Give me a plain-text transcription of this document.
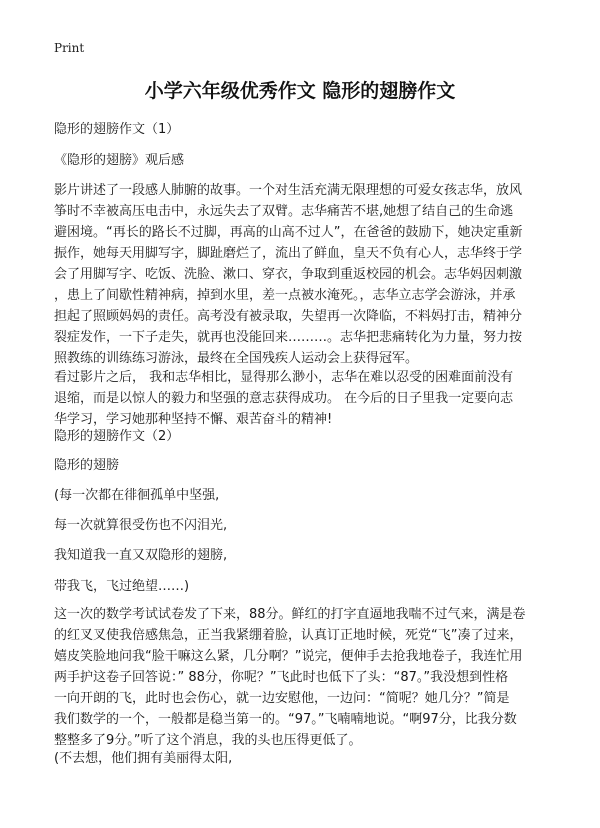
Print
小学六年级优秀作文 隐形的翅膀作文
隐形的翅膀作文（1）
《隐形的翅膀》观后感
影片讲述了一段感人肺腑的故事。一个对生活充满无限理想的可爱女孩志华，放风
筝时不幸被高压电击中，永远失去了双臂。志华痛苦不堪,她想了结自己的生命逃
避困境。“再长的路长不过脚，再高的山高不过人”，在爸爸的鼓励下，她决定重新
振作，她每天用脚写字，脚趾磨烂了，流出了鲜血，皇天不负有心人，志华终于学
会了用脚写字、吃饭、洗脸、漱口、穿衣，争取到重返校园的机会。志华妈因刺激
，患上了间歇性精神病，掉到水里，差一点被水淹死。，志华立志学会游泳，并承
担起了照顾妈妈的责任。高考没有被录取，失望再一次降临，不料妈打击，精神分
裂症发作，一下子走失，就再也没能回来………。志华把悲痛转化为力量，努力按
照教练的训练练习游泳，最终在全国残疾人运动会上获得冠军。
看过影片之后， 我和志华相比，显得那么渺小，志华在难以忍受的困难面前没有
退缩，而是以惊人的毅力和坚强的意志获得成功。 在今后的日子里我一定要向志
华学习，学习她那种坚持不懈、艰苦奋斗的精神!
隐形的翅膀作文（2）
隐形的翅膀
(每一次都在徘徊孤单中坚强,
每一次就算很受伤也不闪泪光,
我知道我一直又双隐形的翅膀,
带我飞，飞过绝望……)
这一次的数学考试试卷发了下来，88分。鲜红的打字直逼地我喘不过气来，满是卷
的红叉叉使我倍感焦急，正当我紧绷着脸，认真订正地时候，死党“飞”凑了过来，
嬉皮笑脸地问我“脸干嘛这么紧，几分啊？”说完，便伸手去抢我地卷子，我连忙用
两手护这卷子回答说：” 88分，你呢？”飞此时也低下了头：“87。”我没想到性格
一向开朗的飞，此时也会伤心，就一边安慰他，一边问：“简呢？她几分？”简是
我们数学的一个，一般都是稳当第一的。“97。”飞喃喃地说。“啊97分，比我分数
整整多了9分。”听了这个消息，我的头也压得更低了。
(不去想，他们拥有美丽得太阳,
